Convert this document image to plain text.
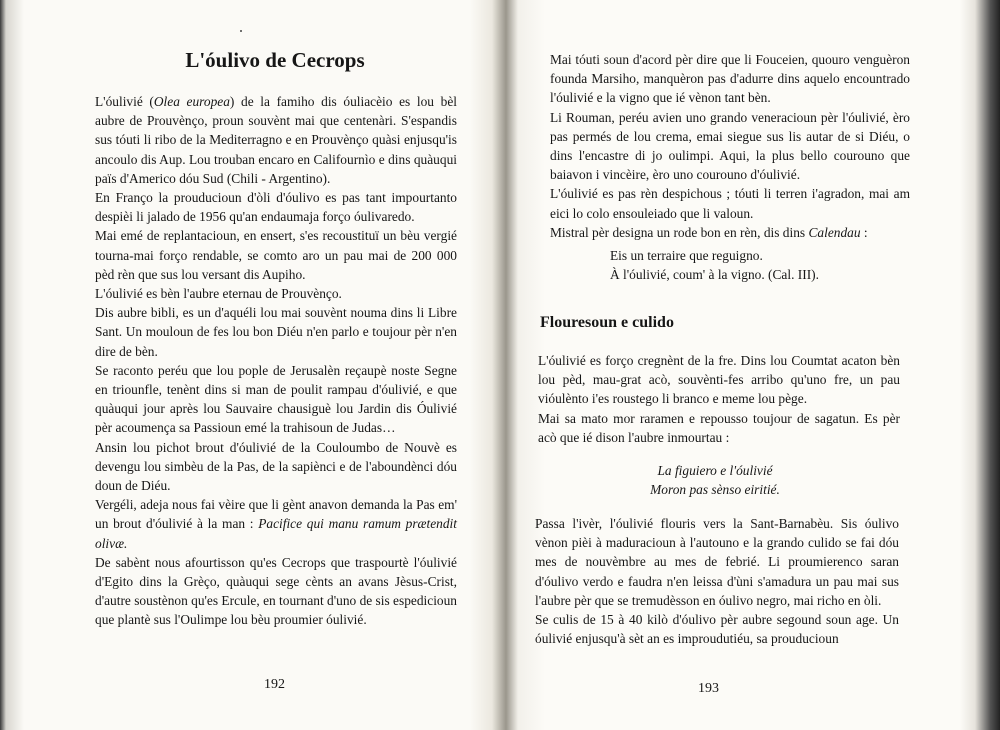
L'óulivo de Cecrops

L'óulivié (Olea europea) de la famiho dis óuliacèio es lou bèl aubre de Prouvènço, proun souvènt mai que centenàri. S'espandis sus tóuti li ribo de la Mediterragno e en Prouvènço quàsi enjusqu'is ancoulo dis Aup. Lou trouban encaro en Califournìo e dins quàuqui païs d'Americo dóu Sud (Chili - Argentino).

En Franço la prouducioun d'òli d'óulivo es pas tant impourtanto despièi li jalado de 1956 qu'an endaumaja forço óulivaredo.

Mai emé de replantacioun, en ensert, s'es recoustituï un bèu vergié tourna-mai forço rendable, se comto aro un pau mai de 200 000 pèd rèn que sus lou versant dis Aupiho.

L'óulivié es bèn l'aubre eternau de Prouvènço.

Dis aubre bibli, es un d'aquéli lou mai souvènt nouma dins li Libre Sant. Un mouloun de fes lou bon Diéu n'en parlo e toujour pèr n'en dire de bèn.

Se raconto peréu que lou pople de Jerusalèn reçaupè noste Segne en triounfle, tenènt dins si man de poulit rampau d'óulivié, e que quàuqui jour après lou Sauvaire chausiguè lou Jardin dis Óulivié pèr acoumença sa Passioun emé la trahisoun de Judas…

Ansin lou pichot brout d'óulivié de la Couloumbo de Nouvè es devengu lou simbèu de la Pas, de la sapiènci e de l'aboundènci dóu doun de Diéu.

Vergéli, adeja nous fai vèire que li gènt anavon demanda la Pas em' un brout d'óulivié à la man : Pacifice qui manu ramum prætendit olivæ.

De sabènt nous afourtisson qu'es Cecrops que traspourtè l'óulivié d'Egito dins la Grèço, quàuqui sege cènts an avans Jèsus-Crist, d'autre soustènon qu'es Ercule, en tournant d'uno de sis espedicioun que plantè sus l'Oulimpe lou bèu proumier óulivié.

192

Mai tóuti soun d'acord pèr dire que li Fouceien, quouro venguèron founda Marsiho, manquèron pas d'adurre dins aquelo encountrado l'óulivié e la vigno que ié vènon tant bèn.

Li Rouman, peréu avien uno grando veneracioun pèr l'óulivié, èro pas permés de lou crema, emai siegue sus lis autar de si Diéu, o dins l'encastre di jo oulimpi. Aqui, la plus bello courouno que baiavon i vincèire, èro uno courouno d'óulivié.

L'óulivié es pas rèn despichous ; tóuti li terren i'agradon, mai am eici lo colo ensouleiado que li valoun.

Mistral pèr designa un rode bon en rèn, dis dins Calendau :

Eis un terraire que reguigno.
À l'óulivié, coum' à la vigno. (Cal. III).
Flouresoun e culido

L'óulivié es forço cregnènt de la fre. Dins lou Coumtat acaton bèn lou pèd, mau-grat acò, souvènti-fes arribo qu'uno fre, un pau vióulènto i'es roustego li branco e meme lou pège.

Mai sa mato mor raramen e repousso toujour de sagatun. Es pèr acò que ié dison l'aubre inmourtau :

La figuiero e l'óulivié
Moron pas sènso eiritié.

Passa l'ivèr, l'óulivié flouris vers la Sant-Barnabèu. Sis óulivo vènon pièi à maduracioun à l'autouno e la grando culido se fai dóu mes de nouvèmbre au mes de febrié. Li proumierenco saran d'óulivo verdo e faudra n'en leissa d'ùni s'amadura un pau mai sus l'aubre pèr que se tremudèsson en óulivo negro, mai richo en òli.

Se culis de 15 à 40 kilò d'óulivo pèr aubre segound soun age. Un óulivié enjusqu'à sèt an es improudutiéu, sa prouducioun

193
